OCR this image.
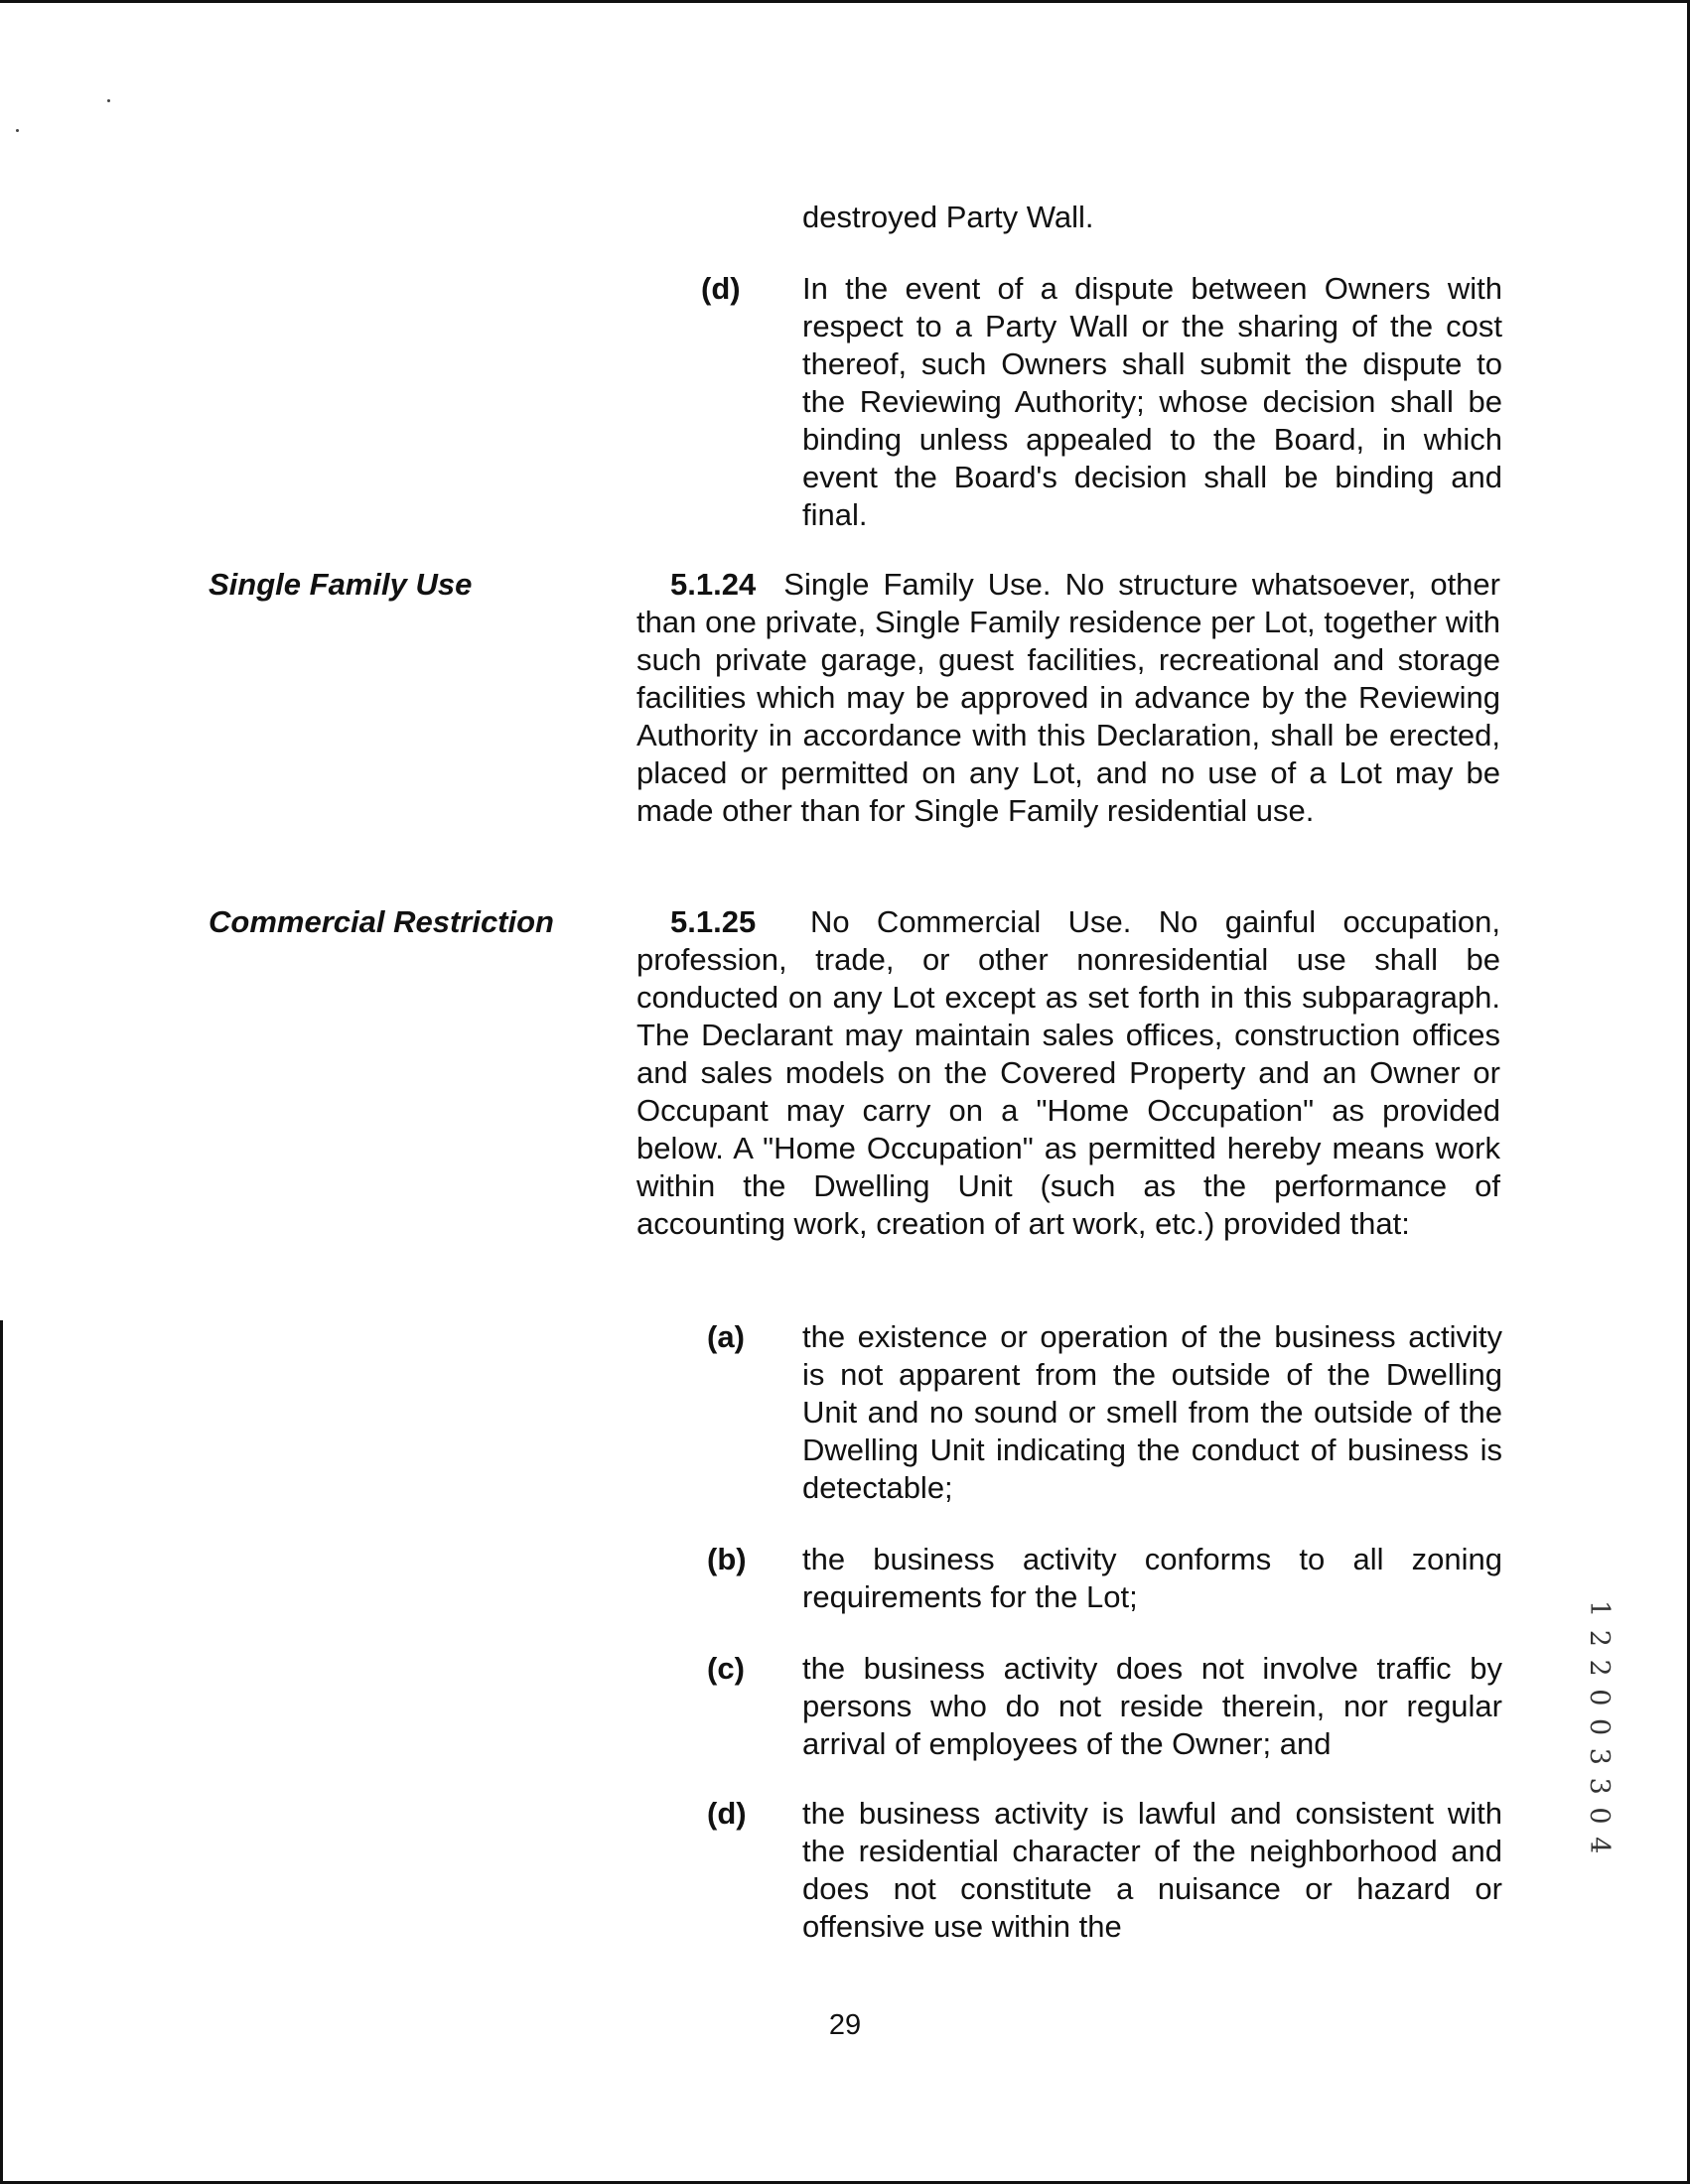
destroyed Party Wall.
(d) In the event of a dispute between Owners with respect to a Party Wall or the sharing of the cost thereof, such Owners shall submit the dispute to the Reviewing Authority; whose decision shall be binding unless appealed to the Board, in which event the Board's decision shall be binding and final.
Single Family Use	5.1.24 Single Family Use. No structure whatsoever, other than one private, Single Family residence per Lot, together with such private garage, guest facilities, recreational and storage facilities which may be approved in advance by the Reviewing Authority in accordance with this Declaration, shall be erected, placed or permitted on any Lot, and no use of a Lot may be made other than for Single Family residential use.
Commercial Restriction	5.1.25 No Commercial Use. No gainful occupation, profession, trade, or other nonresidential use shall be conducted on any Lot except as set forth in this subparagraph. The Declarant may maintain sales offices, construction offices and sales models on the Covered Property and an Owner or Occupant may carry on a "Home Occupation" as provided below. A "Home Occupation" as permitted hereby means work within the Dwelling Unit (such as the performance of accounting work, creation of art work, etc.) provided that:
(a) the existence or operation of the business activity is not apparent from the outside of the Dwelling Unit and no sound or smell from the outside of the Dwelling Unit indicating the conduct of business is detectable;
(b) the business activity conforms to all zoning requirements for the Lot;
(c) the business activity does not involve traffic by persons who do not reside therein, nor regular arrival of employees of the Owner; and
(d) the business activity is lawful and consistent with the residential character of the neighborhood and does not constitute a nuisance or hazard or offensive use within the
29
1 2 2 0 0 3 3 0 4
